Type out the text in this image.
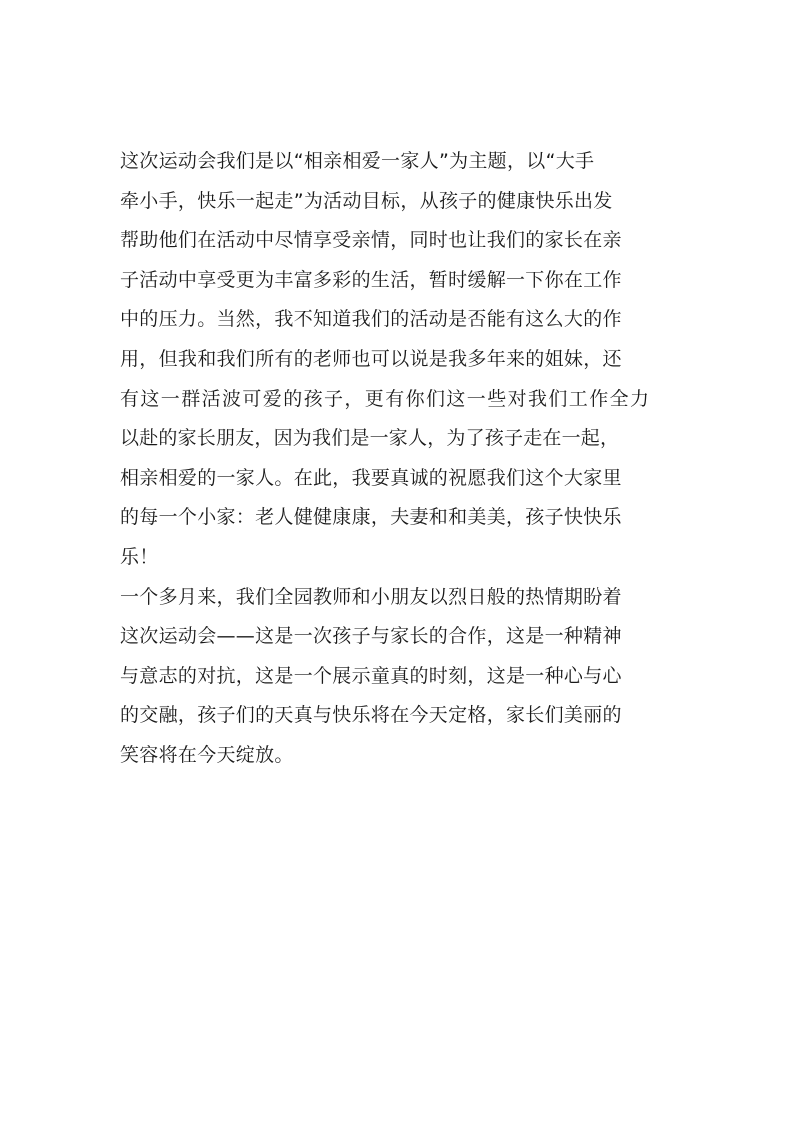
这次运动会我们是以“相亲相爱一家人”为主题，以“大手
牵小手，快乐一起走”为活动目标，从孩子的健康快乐出发
帮助他们在活动中尽情享受亲情，同时也让我们的家长在亲
子活动中享受更为丰富多彩的生活，暂时缓解一下你在工作
中的压力。当然，我不知道我们的活动是否能有这么大的作
用，但我和我们所有的老师也可以说是我多年来的姐妹，还
有这一群活波可爱的孩子，更有你们这一些对我们工作全力
以赴的家长朋友，因为我们是一家人，为了孩子走在一起，
相亲相爱的一家人。在此，我要真诚的祝愿我们这个大家里
的每一个小家：老人健健康康，夫妻和和美美，孩子快快乐
乐！
一个多月来，我们全园教师和小朋友以烈日般的热情期盼着
这次运动会——这是一次孩子与家长的合作，这是一种精神
与意志的对抗，这是一个展示童真的时刻，这是一种心与心
的交融，孩子们的天真与快乐将在今天定格，家长们美丽的
笑容将在今天绽放。
